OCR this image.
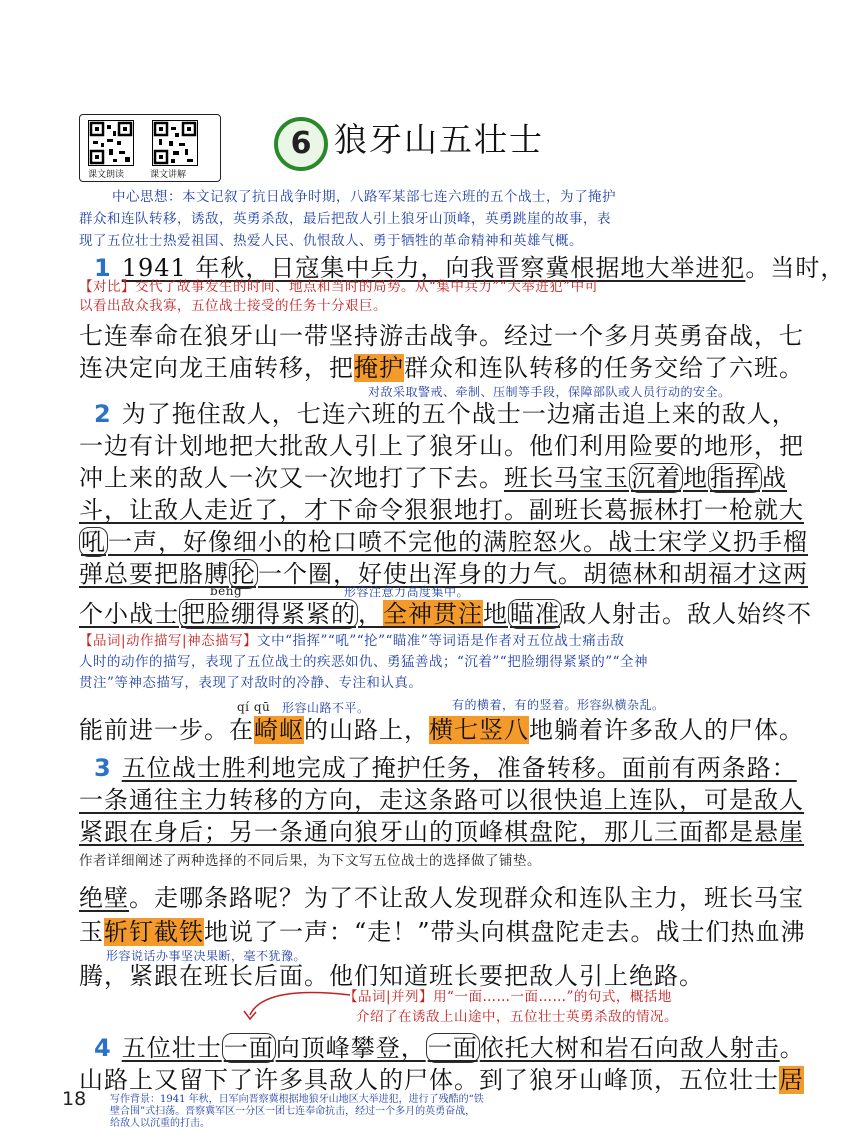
课文朗读	课文讲解
6 狼牙山五壮士
中心思想：本文记叙了抗日战争时期，八路军某部七连六班的五个战士，为了掩护
群众和连队转移，诱敌，英勇杀敌，最后把敌人引上狼牙山顶峰，英勇跳崖的故事，表
现了五位壮士热爱祖国、热爱人民、仇恨敌人、勇于牺牲的革命精神和英雄气概。
1 1941 年秋，日寇集中兵力，向我晋察冀根据地大举进犯。当时，
【对比】交代了故事发生的时间、地点和当时的局势。从“集中兵力”“大举进犯”中可
以看出敌众我寡，五位战士接受的任务十分艰巨。
七连奉命在狼牙山一带坚持游击战争。经过一个多月英勇奋战，七
连决定向龙王庙转移，把掩护群众和连队转移的任务交给了六班。
对敌采取警戒、牵制、压制等手段，保障部队或人员行动的安全。
2 为了拖住敌人，七连六班的五个战士一边痛击追上来的敌人，
一边有计划地把大批敌人引上了狼牙山。他们利用险要的地形，把
冲上来的敌人一次又一次地打了下去。班长马宝玉沉着地指挥战
斗，让敌人走近了，才下命令狠狠地打。副班长葛振林打一枪就大
吼一声，好像细小的枪口喷不完他的满腔怒火。战士宋学义扔手榴
弹总要把胳膊抡一个圈，好使出浑身的力气。胡德林和胡福才这两
bēng	形容注意力高度集中。
个小战士把脸绷得紧紧的，全神贯注地瞄准敌人射击。敌人始终不
【品词|动作描写|神态描写】文中“指挥”“吼”“抡”“瞄准”等词语是作者对五位战士痛击敌
人时的动作的描写，表现了五位战士的疾恶如仇、勇猛善战；“沉着”“把脸绷得紧紧的”“全神
贯注”等神态描写，表现了对敌时的冷静、专注和认真。
qí qū 形容山路不平。	有的横着，有的竖着。形容纵横杂乱。
能前进一步。在崎岖的山路上，横七竖八地躺着许多敌人的尸体。
3 五位战士胜利地完成了掩护任务，准备转移。面前有两条路：
一条通往主力转移的方向，走这条路可以很快追上连队，可是敌人
紧跟在身后；另一条通向狼牙山的顶峰棋盘陀，那儿三面都是悬崖
作者详细阐述了两种选择的不同后果，为下文写五位战士的选择做了铺垫。
绝壁。走哪条路呢？为了不让敌人发现群众和连队主力，班长马宝
玉斩钉截铁地说了一声：“走！”带头向棋盘陀走去。战士们热血沸
形容说话办事坚决果断，毫不犹豫。
腾，紧跟在班长后面。他们知道班长要把敌人引上绝路。
【品词|并列】用“一面……一面……”的句式，概括地
介绍了在诱敌上山途中，五位壮士英勇杀敌的情况。
4 五位壮士一面向顶峰攀登，一面依托大树和岩石向敌人射击。
山路上又留下了许多具敌人的尸体。到了狼牙山峰顶，五位壮士居
18 写作背景：1941 年秋，日军向晋察冀根据地狼牙山地区大举进犯，进行了残酷的“铁
壁合围”式扫荡。晋察冀军区一分区一团七连奉命抗击，经过一个多月的英勇奋战，
给敌人以沉重的打击。
